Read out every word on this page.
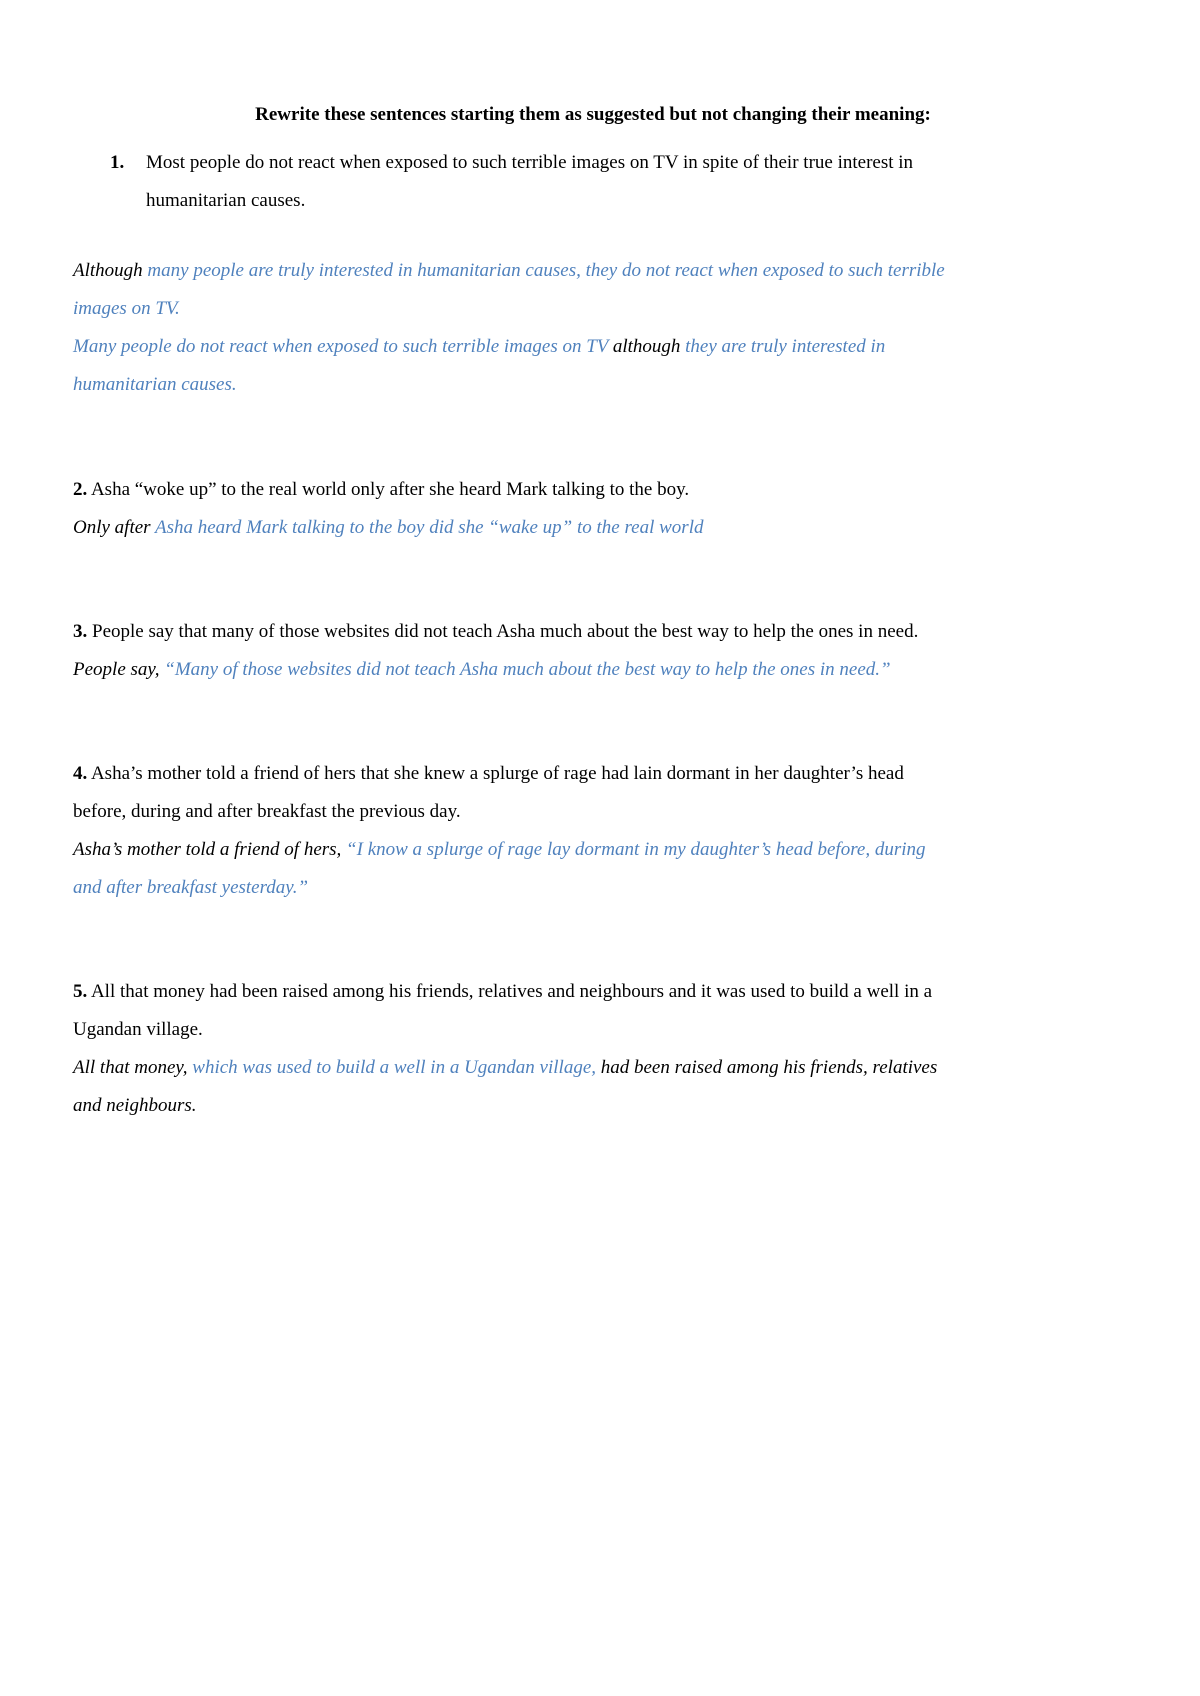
Rewrite these sentences starting them as suggested but not changing their meaning:

1. Most people do not react when exposed to such terrible images on TV in spite of their true interest in

humanitarian causes.

Although many people are truly interested in humanitarian causes, they do not react when exposed to such terrible

images on TV.

Many people do not react when exposed to such terrible images on TV although they are truly interested in

humanitarian causes.

2. Asha “woke up” to the real world only after she heard Mark talking to the boy.

Only after Asha heard Mark talking to the boy did she “wake up” to the real world

3. People say that many of those websites did not teach Asha much about the best way to help the ones in need.

People say, “Many of those websites did not teach Asha much about the best way to help the ones in need.”

4. Asha’s mother told a friend of hers that she knew a splurge of rage had lain dormant in her daughter’s head

before, during and after breakfast the previous day.

Asha’s mother told a friend of hers, “I know a splurge of rage lay dormant in my daughter’s head before, during

and after breakfast yesterday.”

5. All that money had been raised among his friends, relatives and neighbours and it was used to build a well in a

Ugandan village.

All that money, which was used to build a well in a Ugandan village, had been raised among his friends, relatives

and neighbours.
